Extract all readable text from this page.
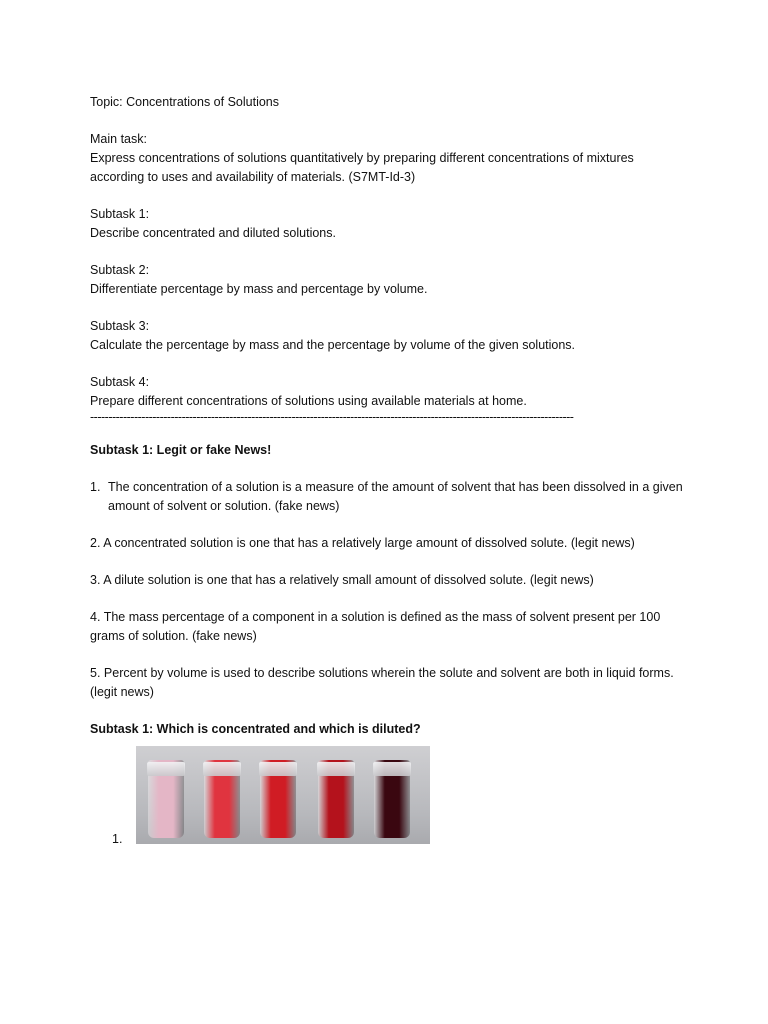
Topic: Concentrations of Solutions

Main task:

Express concentrations of solutions quantitatively by preparing different concentrations of mixtures according to uses and availability of materials. (S7MT-Id-3)

Subtask 1:

Describe concentrated and diluted solutions.

Subtask 2:

Differentiate percentage by mass and percentage by volume.

Subtask 3:

Calculate the percentage by mass and the percentage by volume of the given solutions.

Subtask 4:

Prepare different concentrations of solutions using available materials at home.

------------------------------------------------------------------------------------------------------------------------------------

Subtask 1: Legit or fake News!

1. The concentration of a solution is a measure of the amount of solvent that has been dissolved in a given amount of solvent or solution. (fake news)
2. A concentrated solution is one that has a relatively large amount of dissolved solute. (legit news)
3. A dilute solution is one that has a relatively small amount of dissolved solute. (legit news)
4. The mass percentage of a component in a solution is defined as the mass of solvent present per 100 grams of solution. (fake news)
5. Percent by volume is used to describe solutions wherein the solute and solvent are both in liquid forms. (legit news)

Subtask 1: Which is concentrated and which is diluted?

1.
